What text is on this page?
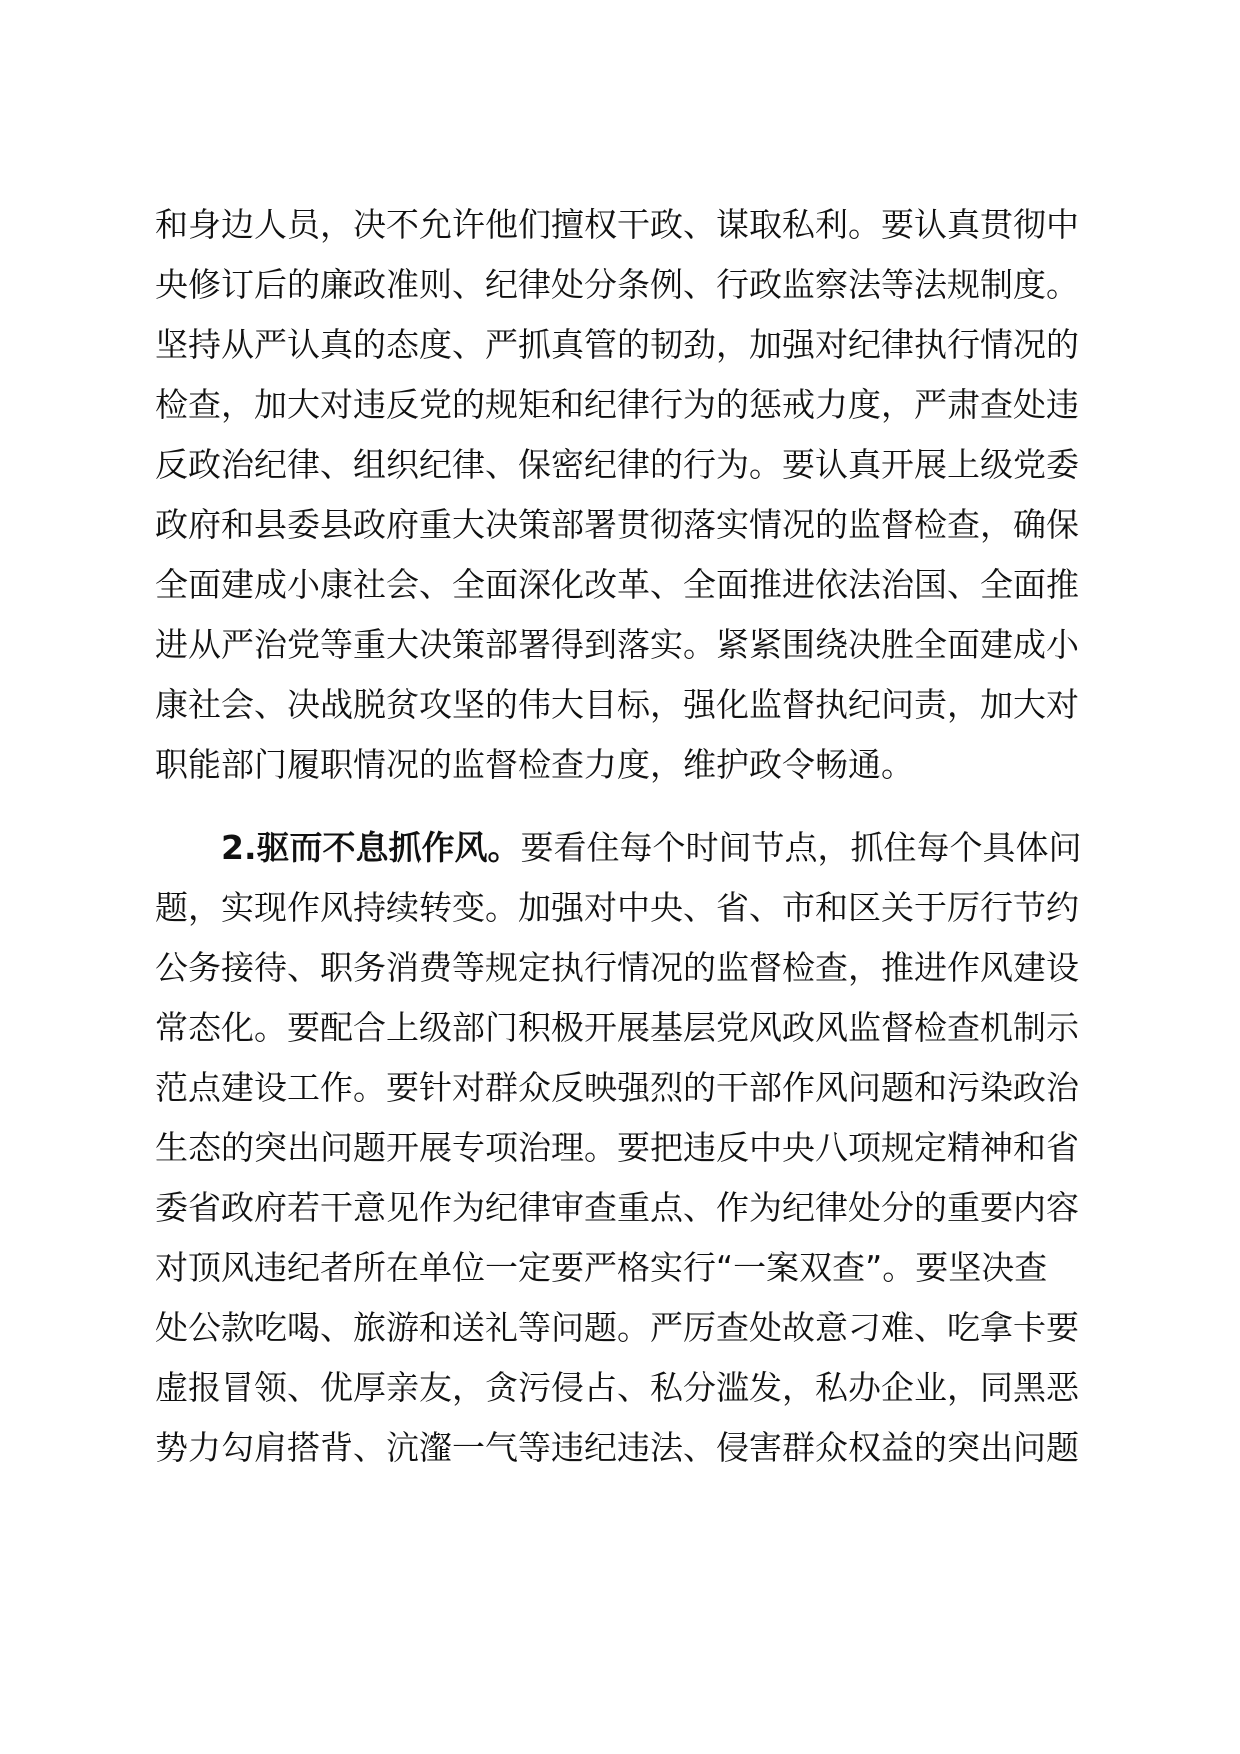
和身边人员，决不允许他们擅权干政、谋取私利。要认真贯彻中
央修订后的廉政准则、纪律处分条例、行政监察法等法规制度。
坚持从严认真的态度、严抓真管的韧劲，加强对纪律执行情况的
检查，加大对违反党的规矩和纪律行为的惩戒力度，严肃查处违
反政治纪律、组织纪律、保密纪律的行为。要认真开展上级党委
政府和县委县政府重大决策部署贯彻落实情况的监督检查，确保
全面建成小康社会、全面深化改革、全面推进依法治国、全面推
进从严治党等重大决策部署得到落实。紧紧围绕决胜全面建成小
康社会、决战脱贫攻坚的伟大目标，强化监督执纪问责，加大对
职能部门履职情况的监督检查力度，维护政令畅通。
2.驱而不息抓作风。要看住每个时间节点，抓住每个具体问
题，实现作风持续转变。加强对中央、省、市和区关于厉行节约
公务接待、职务消费等规定执行情况的监督检查，推进作风建设
常态化。要配合上级部门积极开展基层党风政风监督检查机制示
范点建设工作。要针对群众反映强烈的干部作风问题和污染政治
生态的突出问题开展专项治理。要把违反中央八项规定精神和省
委省政府若干意见作为纪律审查重点、作为纪律处分的重要内容
对顶风违纪者所在单位一定要严格实行“一案双查”。要坚决查
处公款吃喝、旅游和送礼等问题。严厉查处故意刁难、吃拿卡要
虚报冒领、优厚亲友，贪污侵占、私分滥发，私办企业，同黑恶
势力勾肩搭背、沆瀣一气等违纪违法、侵害群众权益的突出问题
